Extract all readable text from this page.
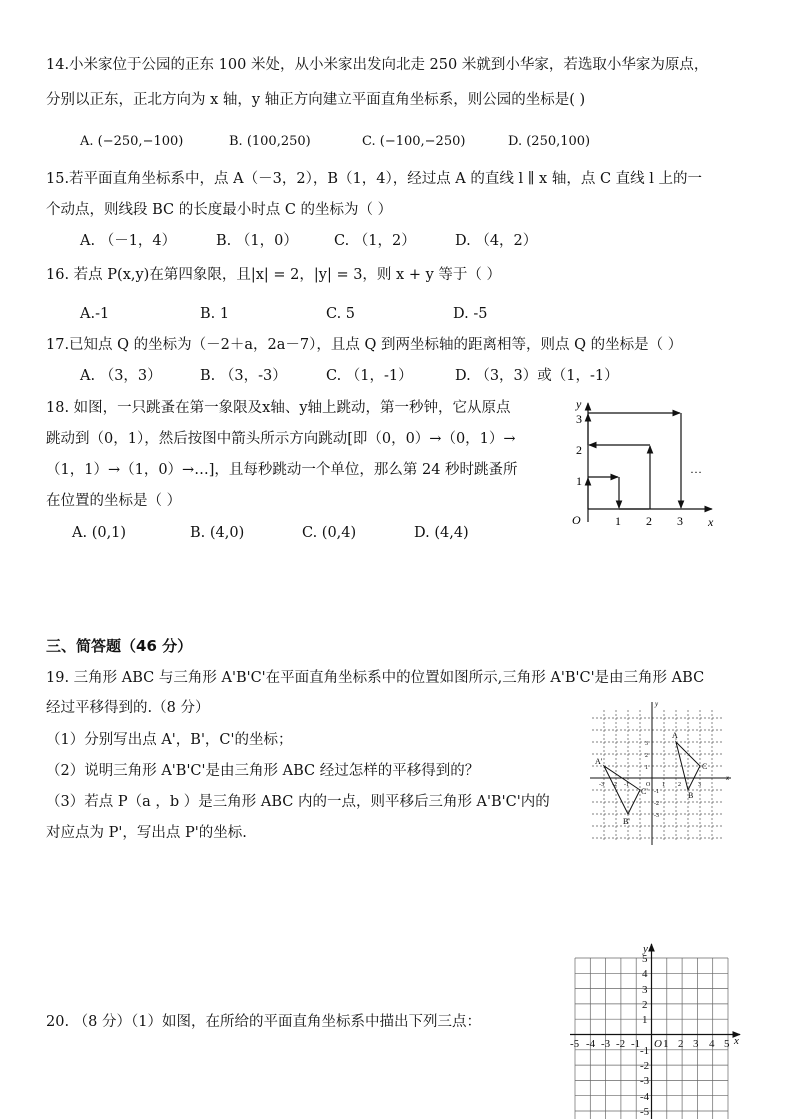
14.小米家位于公园的正东 100 米处，从小米家出发向北走 250 米就到小华家，若选取小华家为原点，
分别以正东，正北方向为 x 轴，y 轴正方向建立平面直角坐标系，则公园的坐标是( )
A. (−250,−100)	B. (100,250)	C. (−100,−250)	D. (250,100)
15.若平面直角坐标系中，点 A（－3，2），B（1，4），经过点 A 的直线 l ∥ x 轴，点 C 直线 l 上的一
个动点，则线段 BC 的长度最小时点 C 的坐标为（ ）
A. （－1，4）	B. （1，0） C. （1，2）	D. （4，2）
16. 若点 P(x,y)在第四象限，且|x| = 2，|y| = 3，则 x + y 等于（ ）
A.-1	B. 1	C. 5	D. -5
17.已知点 Q 的坐标为（－2＋a，2a－7），且点 Q 到两坐标轴的距离相等，则点 Q 的坐标是（ ）
A. （3，3）	B. （3，-3）	C. （1，-1）	D. （3，3）或（1，-1）
18. 如图，一只跳蚤在第一象限及x轴、y轴上跳动，第一秒钟，它从原点
跳动到（0，1），然后按图中箭头所示方向跳动[即（0，0）→（0，1）→
（1，1）→（1，0）→…]，且每秒跳动一个单位，那么第 24 秒时跳蚤所
在位置的坐标是（ ）
A. (0,1)	B. (4,0)	C. (0,4)	D. (4,4)
O	1 2 3 x
1
2
3
y
…
三、简答题（46 分）
19. 三角形 ABC 与三角形 A'B'C'在平面直角坐标系中的位置如图所示,三角形 A'B'C'是由三角形 ABC
经过平移得到的.（8 分）
（1）分别写出点 A'，B'，C'的坐标；
（2）说明三角形 A'B'C'是由三角形 ABC 经过怎样的平移得到的？
（3）若点 P（a ，b ）是三角形 ABC 内的一点，则平移后三角形 A'B'C'内的
对应点为 P'，写出点 P'的坐标.
A
B
C
A'
B'
C'
-3 -2 -1	O 1 2	3
3
2
1
-1
-2
-3
x
y
20. （8 分）（1）如图，在所给的平面直角坐标系中描出下列三点：
-5 -4 -3 -2 -1 1 2 3 4 5
O	x
5
4
3
2
1
-1
-2
-3
-4
-5
y
